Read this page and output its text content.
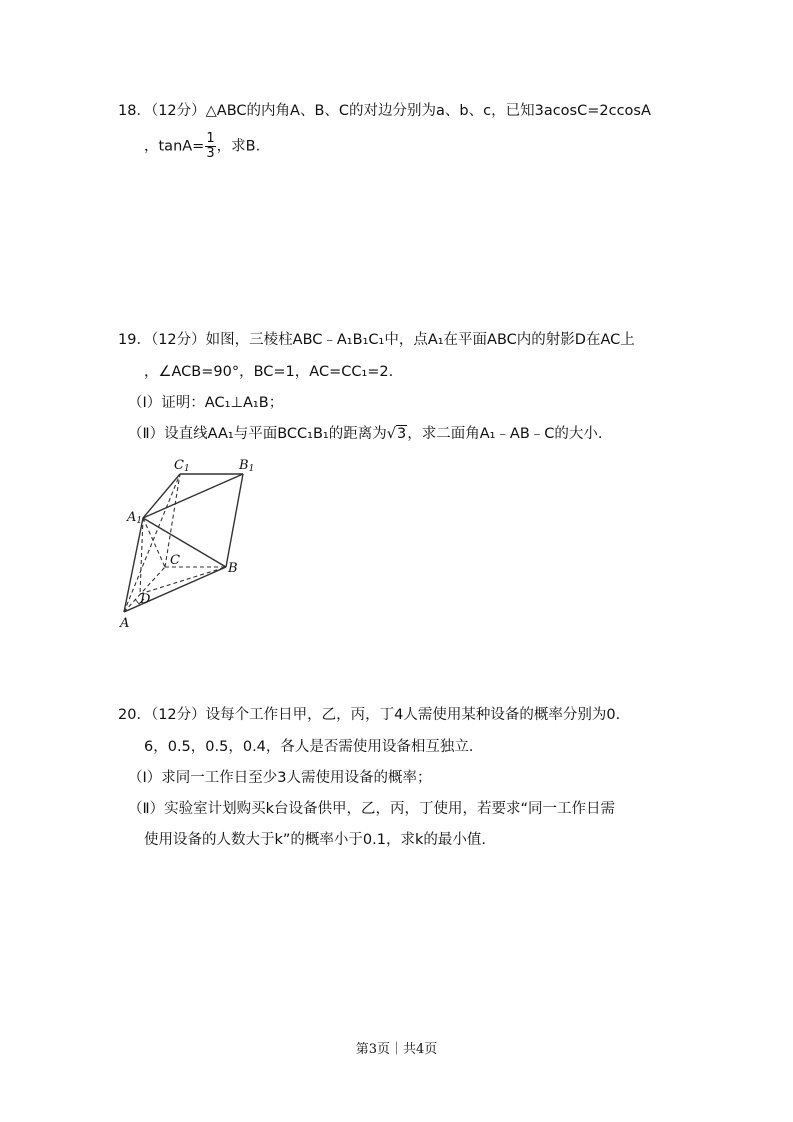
18．（12分）△ABC的内角A、B、C的对边分别为a、b、c，已知3acosC=2ccosA
，$\tan A= \frac{1}{3}$ ，求B.
19．（12分）如图，三棱柱ABC﹣A₁B₁C₁中，点A₁在平面ABC内的射影D在AC上
，∠ACB=90°，BC=1，AC=CC₁=2.
（Ⅰ）证明：AC₁⊥A₁B；
（Ⅱ）设直线AA₁与平面BCC₁B₁的距离为√3，求二面角A₁﹣AB﹣C的大小.
C1	B1
A1
C
B
D
A
20．（12分）设每个工作日甲，乙，丙，丁4人需使用某种设备的概率分别为0.
6，0.5，0.5，0.4，各人是否需使用设备相互独立.
（Ⅰ）求同一工作日至少3人需使用设备的概率；
（Ⅱ）实验室计划购买k台设备供甲，乙，丙，丁使用，若要求“同一工作日需
使用设备的人数大于k”的概率小于0.1，求k的最小值.
第3页｜共4页
